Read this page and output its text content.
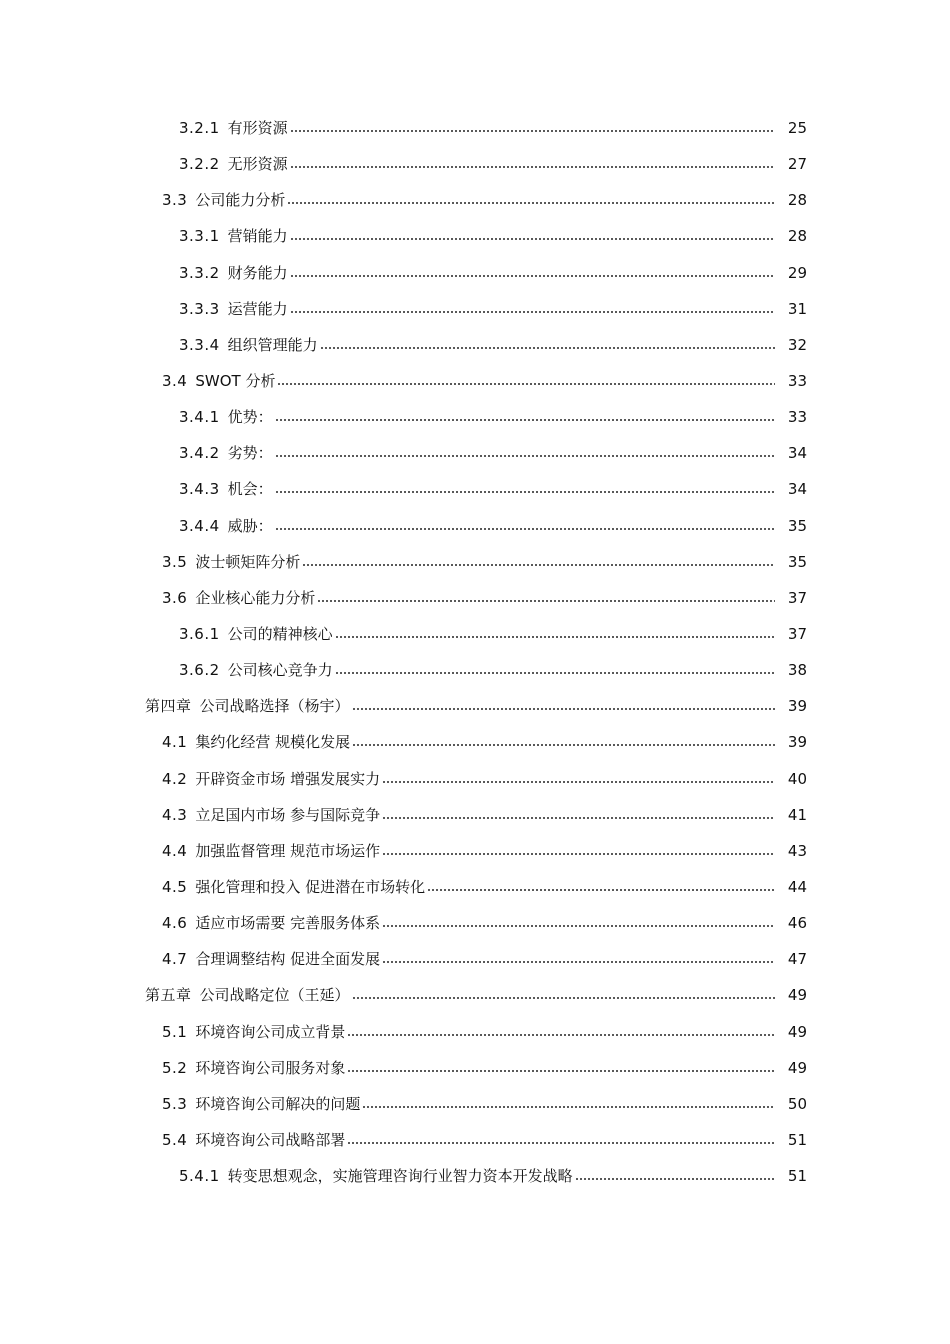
3.2.1 有形资源	25
3.2.2 无形资源	27
3.3 公司能力分析	28
3.3.1 营销能力	28
3.3.2 财务能力	29
3.3.3 运营能力	31
3.3.4 组织管理能力	32
3.4 SWOT 分析	33
3.4.1 优势：	33
3.4.2 劣势：	34
3.4.3 机会：	34
3.4.4 威胁：	35
3.5 波士顿矩阵分析	35
3.6 企业核心能力分析	37
3.6.1 公司的精神核心	37
3.6.2 公司核心竞争力	38
第四章 公司战略选择（杨宇）	39
4.1 集约化经营 规模化发展	39
4.2 开辟资金市场 增强发展实力	40
4.3 立足国内市场 参与国际竞争	41
4.4 加强监督管理 规范市场运作	43
4.5 强化管理和投入 促进潜在市场转化	44
4.6 适应市场需要 完善服务体系	46
4.7 合理调整结构 促进全面发展	47
第五章 公司战略定位（王延）	49
5.1 环境咨询公司成立背景	49
5.2 环境咨询公司服务对象	49
5.3 环境咨询公司解决的问题	50
5.4 环境咨询公司战略部署	51
5.4.1 转变思想观念，实施管理咨询行业智力资本开发战略	51
